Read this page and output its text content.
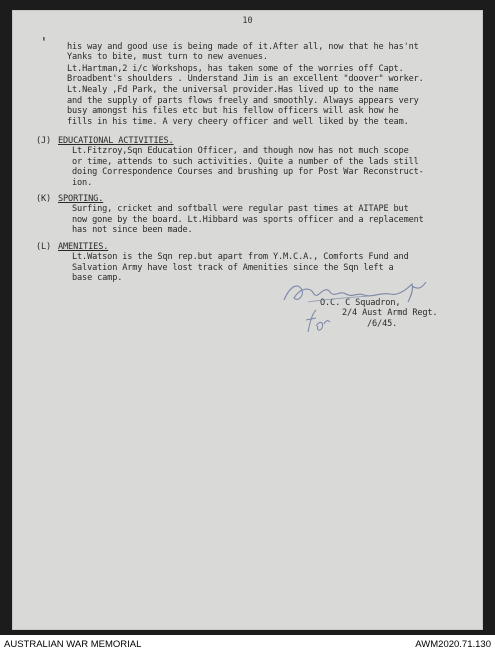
10
'

his way and good use is being made of it.After all, now that he has'nt

Yanks to bite, must turn to new avenues.

Lt.Hartman,2 i/c Workshops, has taken some of the worries off Capt.

Broadbent's shoulders . Understand Jim is an excellent "doover" worker.

Lt.Nealy ,Fd Park, the universal provider.Has lived up to the name

and the supply of parts flows freely and smoothly. Always appears very

busy amongst his files etc but his fellow officers will ask how he

fills in his time. A very cheery officer and well liked by the team.

(J)

EDUCATIONAL ACTIVITIES.

Lt.Fitzroy,Sqn Education Officer, and though now has not much scope

or time, attends to such activities. Quite a number of the lads still

doing Correspondence Courses and brushing up for Post War Reconstruct-

ion.

(K)

SPORTING.

Surfing, cricket and softball were regular past times at AITAPE but

now gone by the board. Lt.Hibbard was sports officer and a replacement

has not since been made.

(L)

AMENITIES.

Lt.Watson is the Sqn rep.but apart from Y.M.C.A., Comforts Fund and

Salvation Army have lost track of Amenities since the Sqn left a

base camp.

O.C. C Squadron,

2/4 Aust Armd Regt.

/6/45.

AUSTRALIAN WAR MEMORIAL	AWM2020.71.130
